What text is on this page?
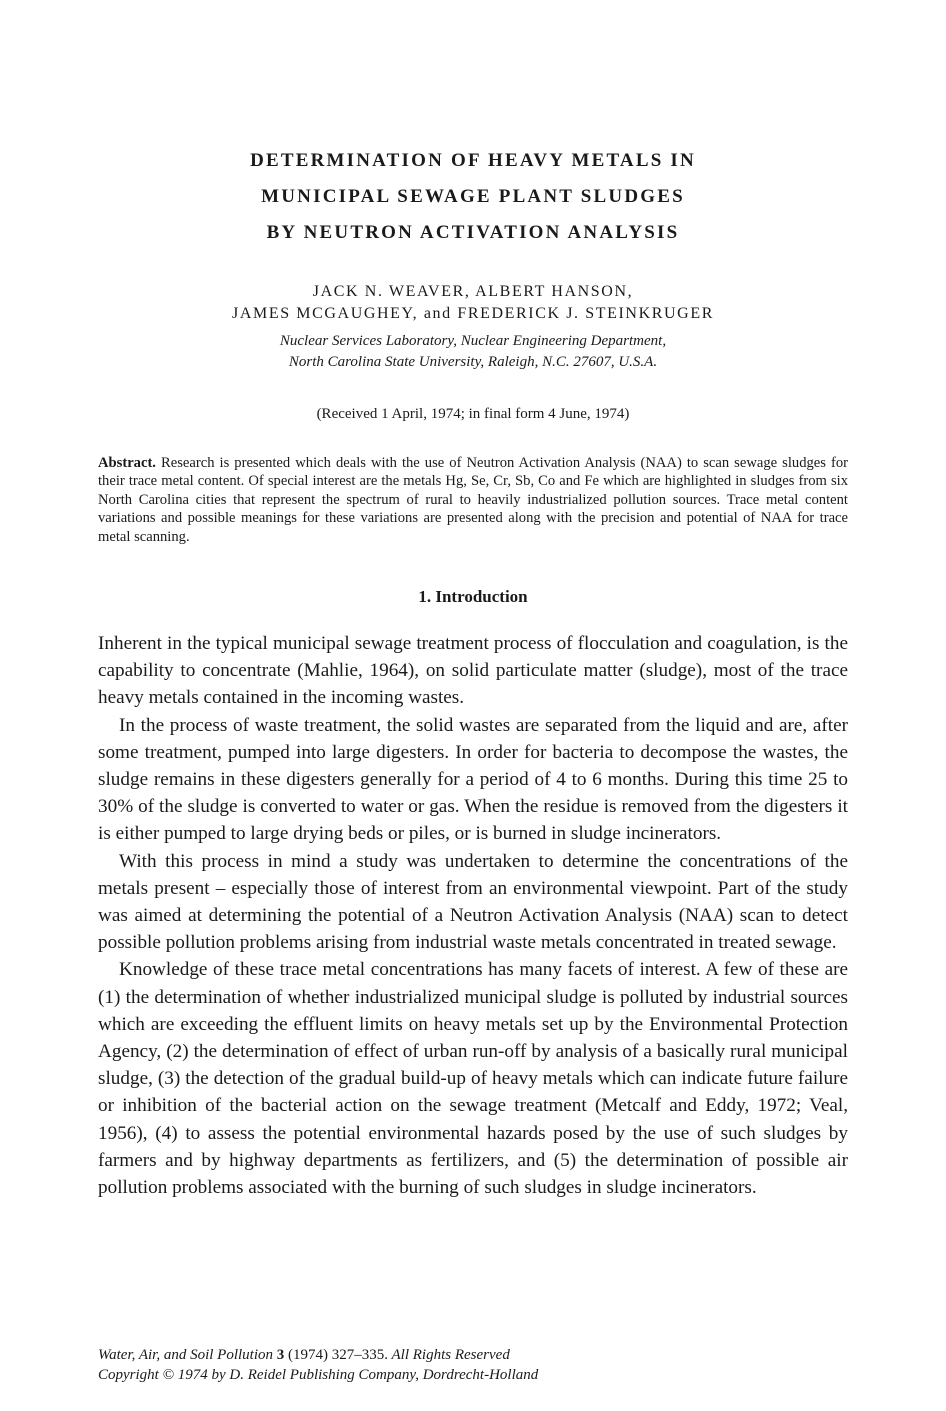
DETERMINATION OF HEAVY METALS IN
MUNICIPAL SEWAGE PLANT SLUDGES
BY NEUTRON ACTIVATION ANALYSIS
JACK N. WEAVER, ALBERT HANSON,
JAMES MCGAUGHEY, and FREDERICK J. STEINKRUGER
Nuclear Services Laboratory, Nuclear Engineering Department,
North Carolina State University, Raleigh, N.C. 27607, U.S.A.
(Received 1 April, 1974; in final form 4 June, 1974)
Abstract. Research is presented which deals with the use of Neutron Activation Analysis (NAA) to scan sewage sludges for their trace metal content. Of special interest are the metals Hg, Se, Cr, Sb, Co and Fe which are highlighted in sludges from six North Carolina cities that represent the spectrum of rural to heavily industrialized pollution sources. Trace metal content variations and possible meanings for these variations are presented along with the precision and potential of NAA for trace metal scanning.
1. Introduction

Inherent in the typical municipal sewage treatment process of flocculation and coagulation, is the capability to concentrate (Mahlie, 1964), on solid particulate matter (sludge), most of the trace heavy metals contained in the incoming wastes.

In the process of waste treatment, the solid wastes are separated from the liquid and are, after some treatment, pumped into large digesters. In order for bacteria to decompose the wastes, the sludge remains in these digesters generally for a period of 4 to 6 months. During this time 25 to 30% of the sludge is converted to water or gas. When the residue is removed from the digesters it is either pumped to large drying beds or piles, or is burned in sludge incinerators.

With this process in mind a study was undertaken to determine the concentrations of the metals present – especially those of interest from an environmental viewpoint. Part of the study was aimed at determining the potential of a Neutron Activation Analysis (NAA) scan to detect possible pollution problems arising from industrial waste metals concentrated in treated sewage.

Knowledge of these trace metal concentrations has many facets of interest. A few of these are (1) the determination of whether industrialized municipal sludge is polluted by industrial sources which are exceeding the effluent limits on heavy metals set up by the Environmental Protection Agency, (2) the determination of effect of urban run-off by analysis of a basically rural municipal sludge, (3) the detection of the gradual build-up of heavy metals which can indicate future failure or inhibition of the bacterial action on the sewage treatment (Metcalf and Eddy, 1972; Veal, 1956), (4) to assess the potential environmental hazards posed by the use of such sludges by farmers and by highway departments as fertilizers, and (5) the determination of possible air pollution problems associated with the burning of such sludges in sludge incinerators.

Water, Air, and Soil Pollution 3 (1974) 327–335. All Rights Reserved
Copyright © 1974 by D. Reidel Publishing Company, Dordrecht-Holland
